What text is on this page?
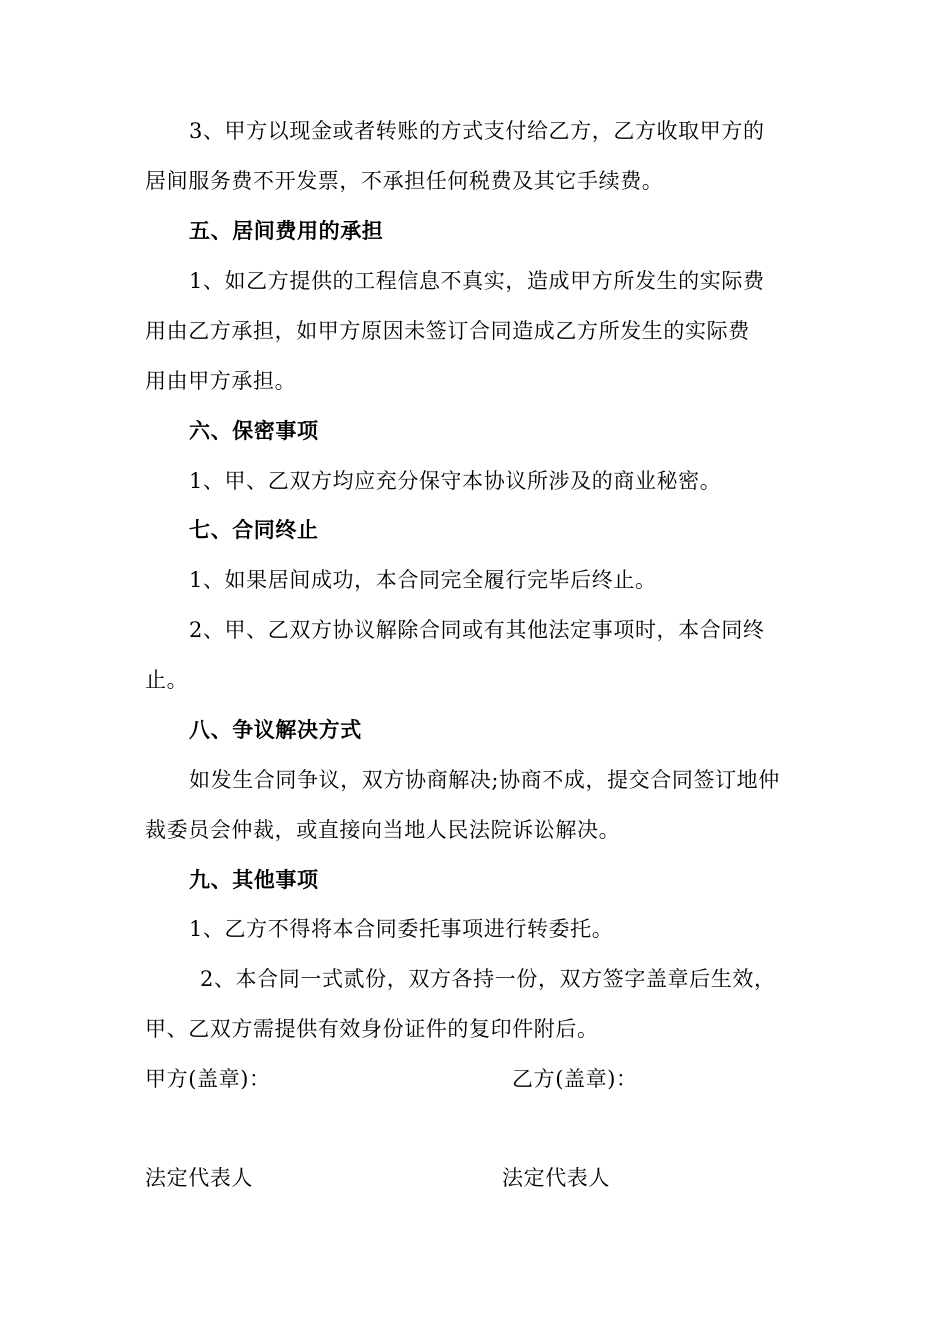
3、甲方以现金或者转账的方式支付给乙方，乙方收取甲方的
居间服务费不开发票，不承担任何税费及其它手续费。
五、居间费用的承担
1、如乙方提供的工程信息不真实，造成甲方所发生的实际费
用由乙方承担，如甲方原因未签订合同造成乙方所发生的实际费
用由甲方承担。
六、保密事项
1、甲、乙双方均应充分保守本协议所涉及的商业秘密。
七、合同终止
1、如果居间成功，本合同完全履行完毕后终止。
2、甲、乙双方协议解除合同或有其他法定事项时，本合同终
止。
八、争议解决方式
如发生合同争议，双方协商解决;协商不成，提交合同签订地仲
裁委员会仲裁，或直接向当地人民法院诉讼解决。
九、其他事项
1、乙方不得将本合同委托事项进行转委托。
2、本合同一式贰份，双方各持一份，双方签字盖章后生效，
甲、乙双方需提供有效身份证件的复印件附后。
甲方(盖章)：	乙方(盖章)：
法定代表人	法定代表人
